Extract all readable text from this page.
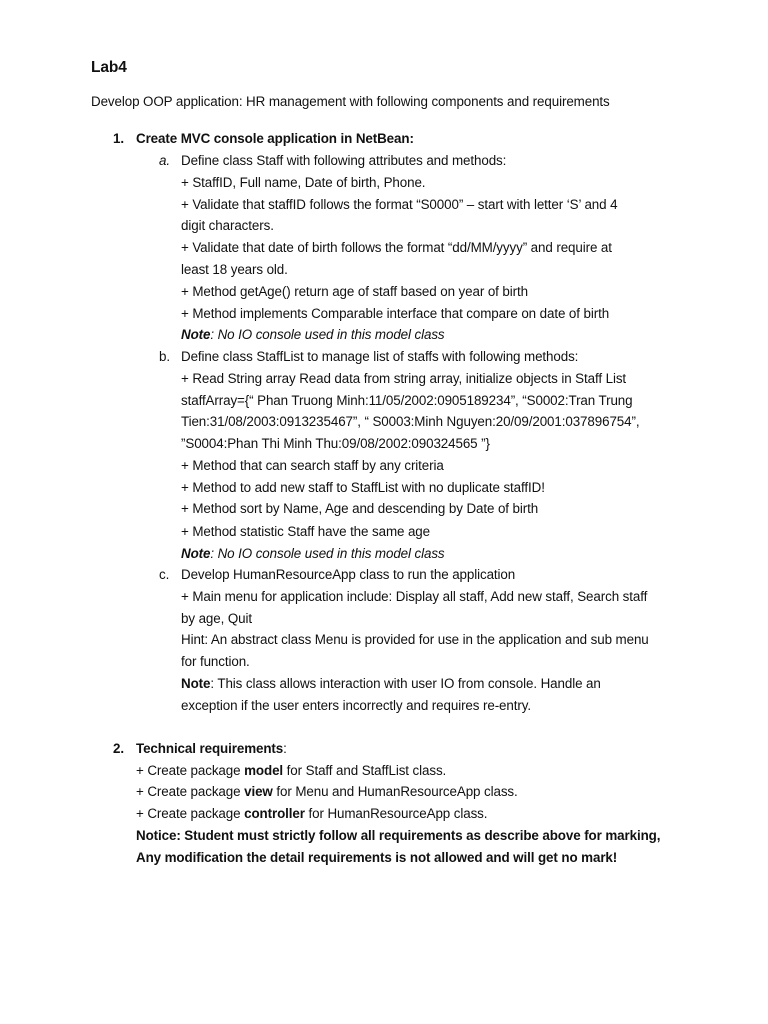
Lab4
Develop OOP application: HR management with following components and requirements
1. Create MVC console application in NetBean:
a. Define class Staff with following attributes and methods:
+ StaffID, Full name, Date of birth, Phone.
+ Validate that staffID follows the format “S0000” – start with letter ‘S’ and 4
digit characters.
+ Validate that date of birth follows the format “dd/MM/yyyy” and require at
least 18 years old.
+ Method getAge() return age of staff based on year of birth
+ Method implements Comparable interface that compare on date of birth
Note: No IO console used in this model class
b. Define class StaffList to manage list of staffs with following methods:
+ Read String array Read data from string array, initialize objects in Staff List
staffArray={“ Phan Truong Minh:11/05/2002:0905189234”, “S0002:Tran Trung
Tien:31/08/2003:0913235467”, “ S0003:Minh Nguyen:20/09/2001:037896754”,
”S0004:Phan Thi Minh Thu:09/08/2002:090324565 ”}
+ Method that can search staff by any criteria
+ Method to add new staff to StaffList with no duplicate staffID!
+ Method sort by Name, Age and descending by Date of birth
+ Method statistic Staff have the same age
Note: No IO console used in this model class
c. Develop HumanResourceApp class to run the application
+ Main menu for application include: Display all staff, Add new staff, Search staff
by age, Quit
Hint: An abstract class Menu is provided for use in the application and sub menu
for function.
Note: This class allows interaction with user IO from console. Handle an
exception if the user enters incorrectly and requires re-entry.
2. Technical requirements:
+ Create package model for Staff and StaffList class.
+ Create package view for Menu and HumanResourceApp class.
+ Create package controller for HumanResourceApp class.
Notice: Student must strictly follow all requirements as describe above for marking,
Any modification the detail requirements is not allowed and will get no mark!
